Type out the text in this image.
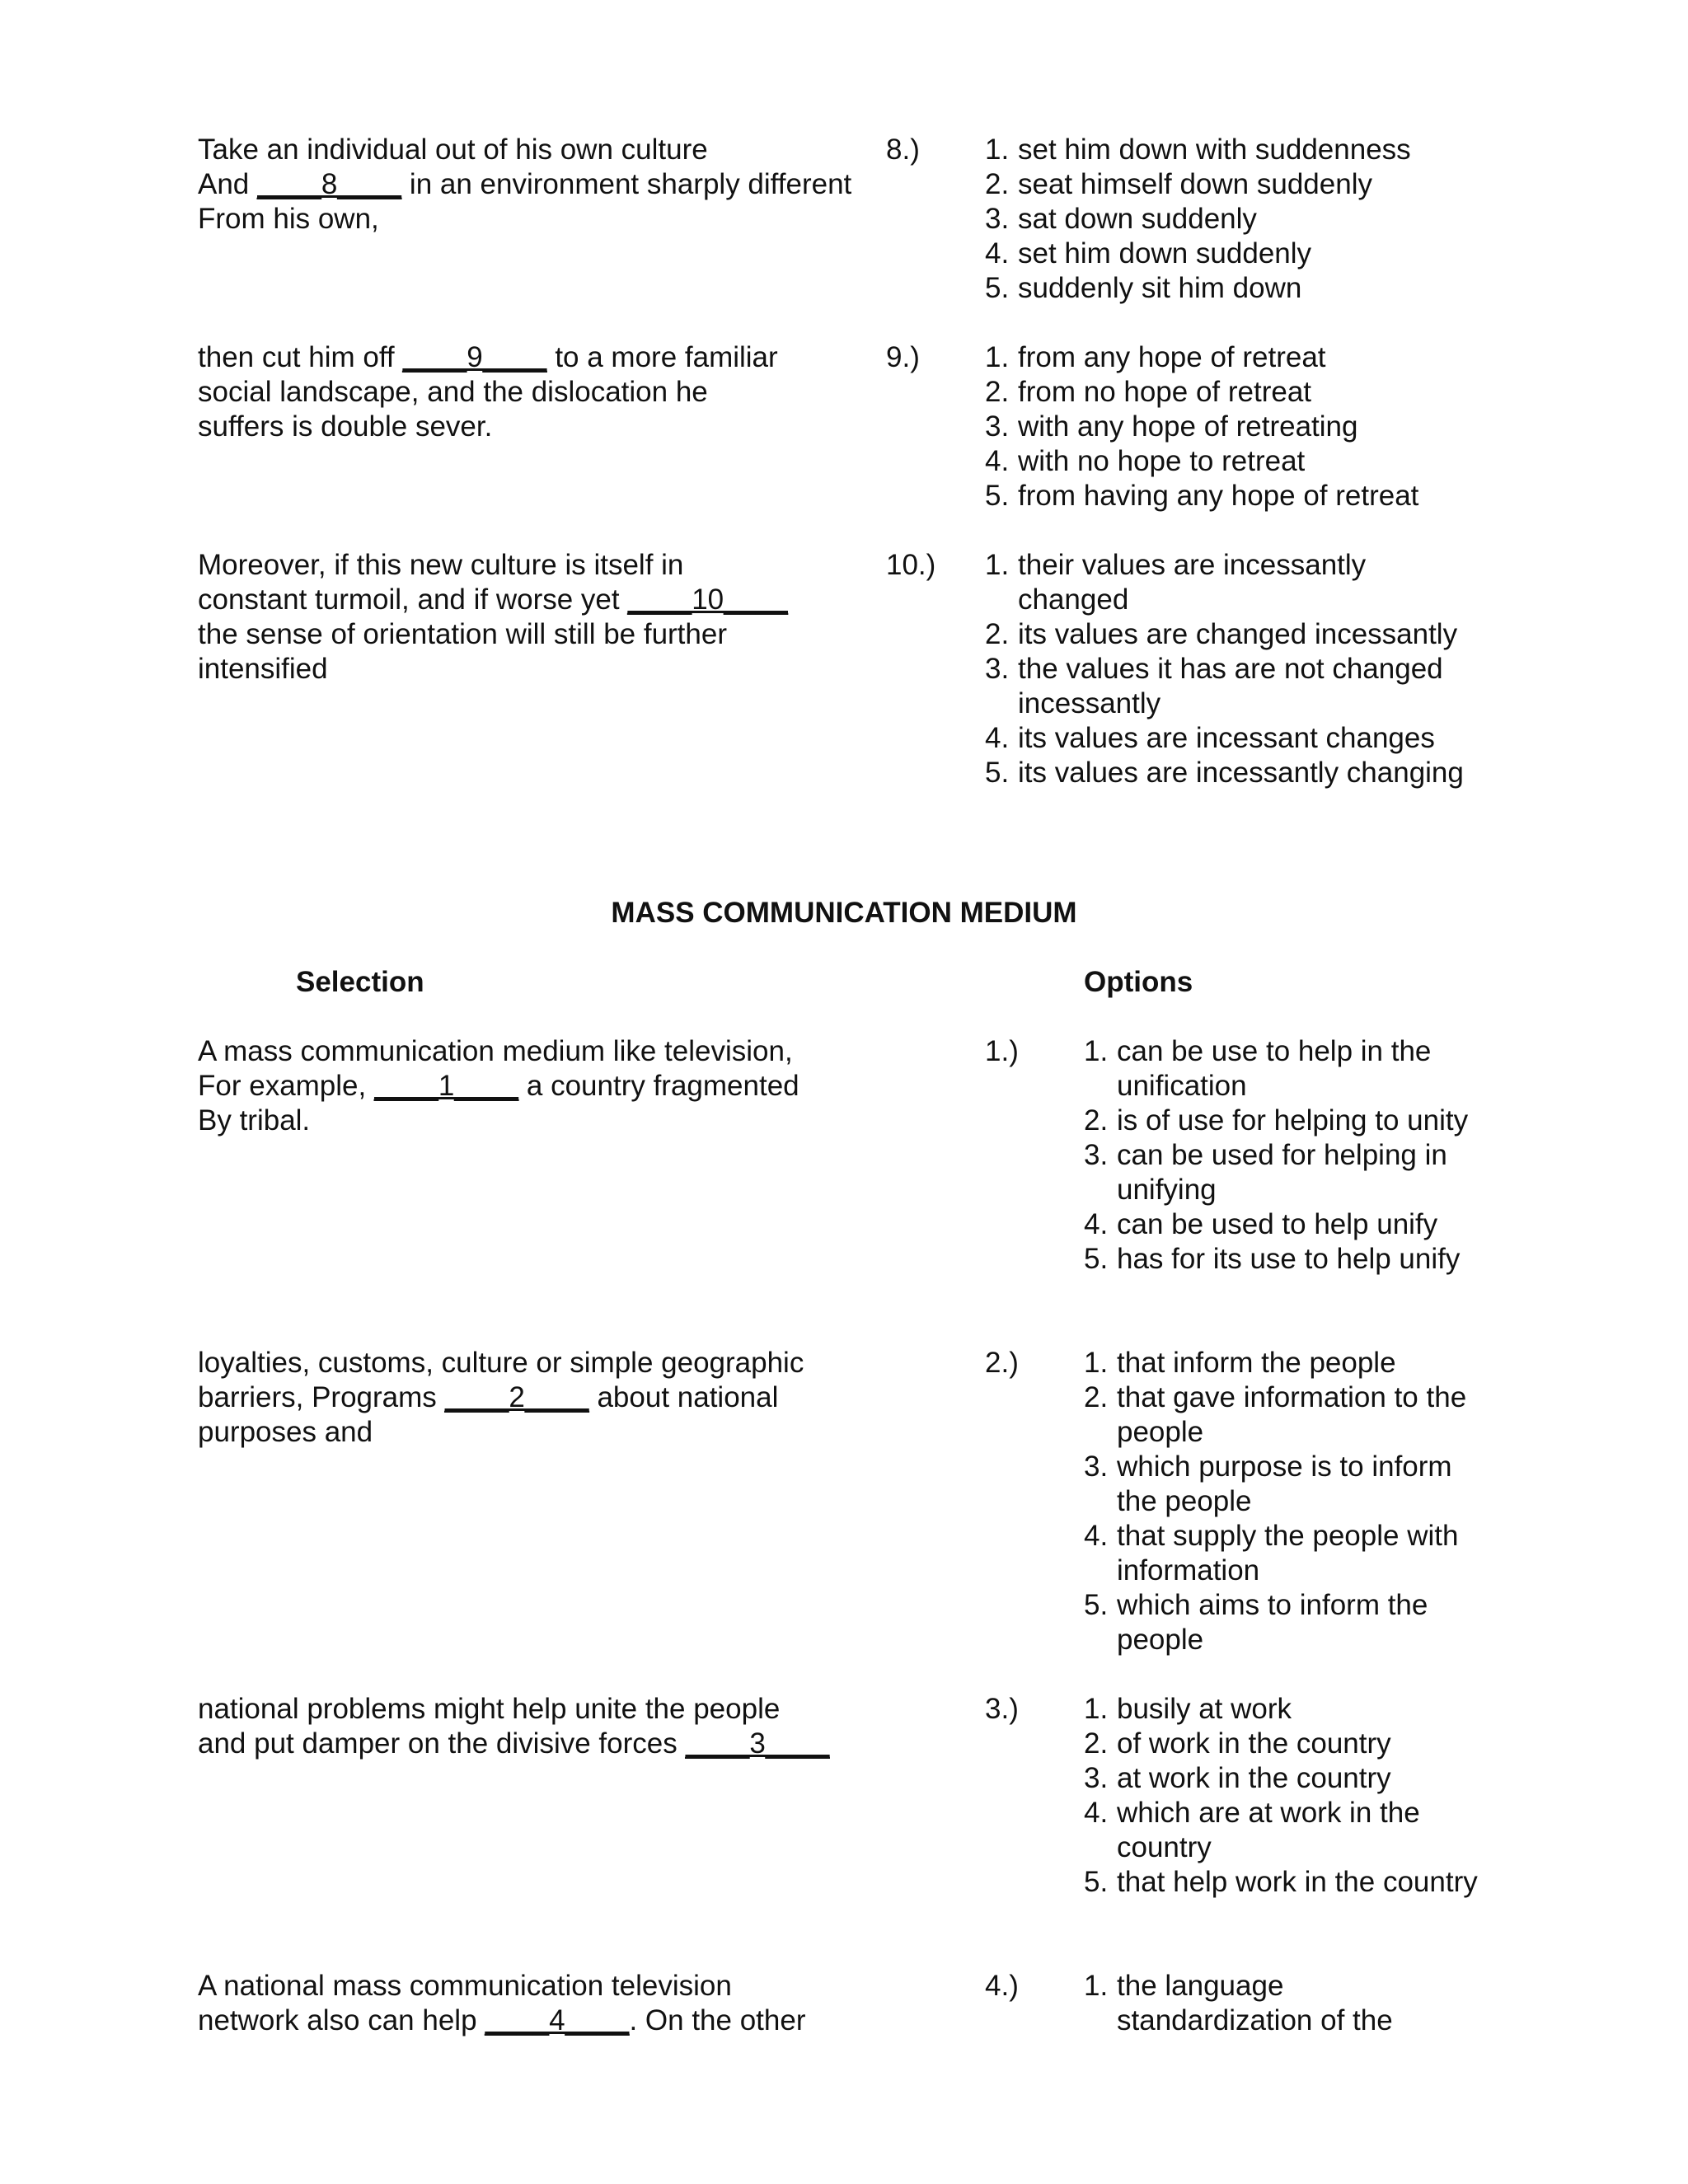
Take an individual out of his own culture
And ____8____ in an environment sharply different
From his own,
8.) 1. set him down with suddenness
2. seat himself down suddenly
3. sat down suddenly
4. set him down suddenly
5. suddenly sit him down
then cut him off ____9____ to a more familiar
social landscape, and the dislocation he
suffers is double sever.
9.) 1. from any hope of retreat
2. from no hope of retreat
3. with any hope of retreating
4. with no hope to retreat
5. from having any hope of retreat
Moreover, if this new culture is itself in
constant turmoil, and if worse yet ____10____
the sense of orientation will still be further
intensified
10.) 1. their values are incessantly changed
2. its values are changed incessantly
3. the values it has are not changed incessantly
4. its values are incessant changes
5. its values are incessantly changing
MASS COMMUNICATION MEDIUM
Selection	Options
A mass communication medium like television,
For example, ____1____ a country fragmented
By tribal.
1.) 1. can be use to help in the unification
2. is of use for helping to unity
3. can be used for helping in unifying
4. can be used to help unify
5. has for its use to help unify
loyalties, customs, culture or simple geographic
barriers, Programs ____2____ about national
purposes and
2.) 1. that inform the people
2. that gave information to the people
3. which purpose is to inform the people
4. that supply the people with information
5. which aims to inform the people
national problems might help unite the people
and put damper on the divisive forces ____3____
3.) 1. busily at work
2. of work in the country
3. at work in the country
4. which are at work in the country
5. that help work in the country
A national mass communication television
network also can help ____4____. On the other
4.) 1. the language standardization of the
